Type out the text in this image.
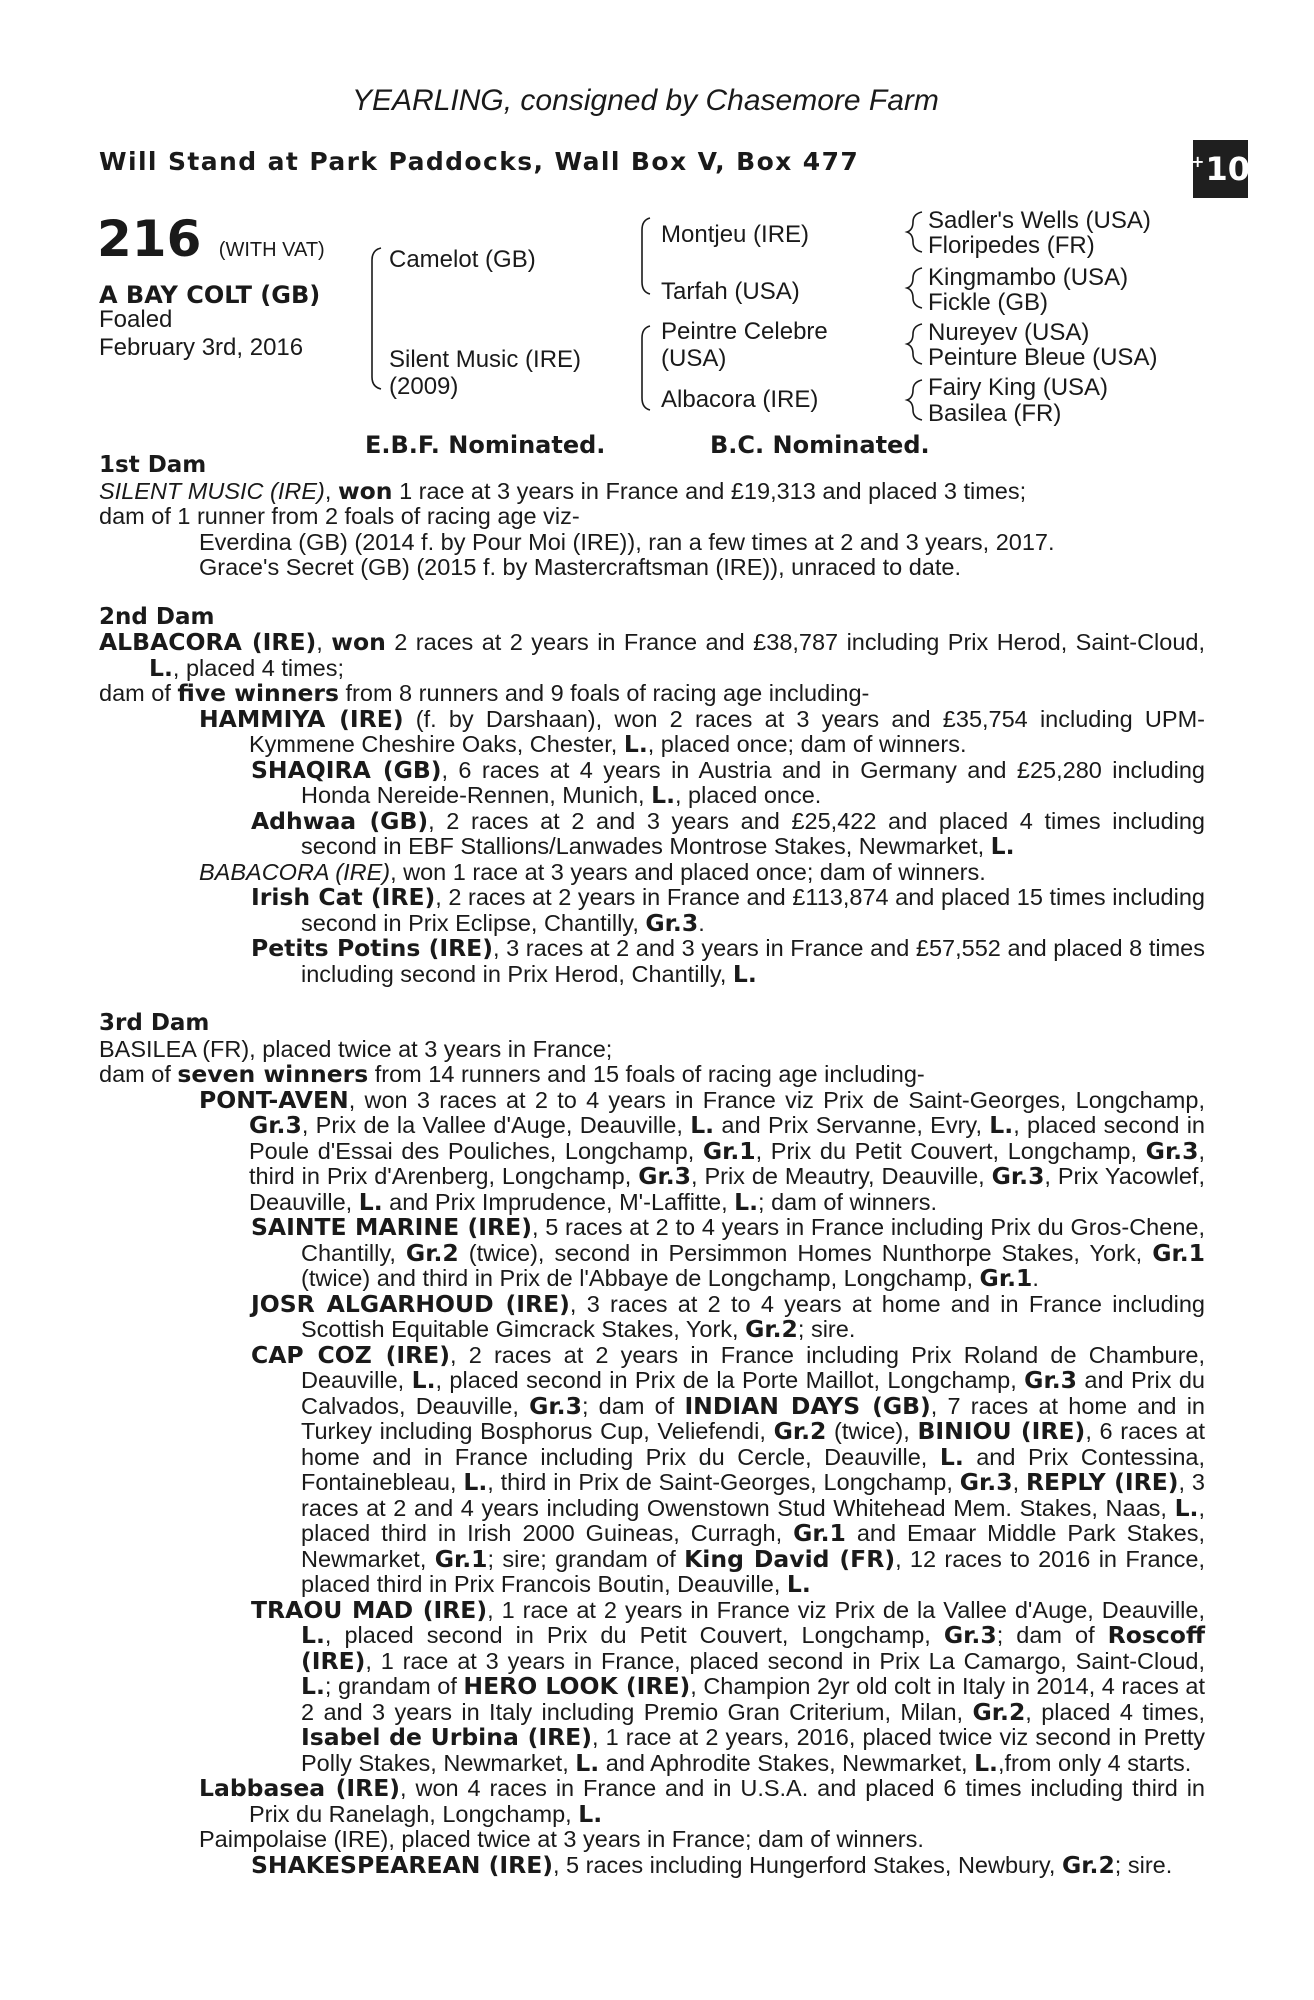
YEARLING, consigned by Chasemore Farm
Will Stand at Park Paddocks, Wall Box V, Box 477	+ 10
216 (WITH VAT)
A BAY COLT (GB)
Foaled
February 3rd, 2016
Camelot (GB)
Silent Music (IRE)
(2009)
Montjeu (IRE)
Tarfah (USA)
Peintre Celebre
(USA)
Albacora (IRE)
Sadler's Wells (USA)
Floripedes (FR)
Kingmambo (USA)
Fickle (GB)
Nureyev (USA)
Peinture Bleue (USA)
Fairy King (USA)
Basilea (FR)
E.B.F. Nominated.	B.C. Nominated.

1st Dam

SILENT MUSIC (IRE), won 1 race at 3 years in France and £19,313 and placed 3 times;

dam of 1 runner from 2 foals of racing age viz-

Everdina (GB) (2014 f. by Pour Moi (IRE)), ran a few times at 2 and 3 years, 2017.

Grace's Secret (GB) (2015 f. by Mastercraftsman (IRE)), unraced to date.

2nd Dam

ALBACORA (IRE), won 2 races at 2 years in France and £38,787 including Prix Herod, Saint-Cloud, L., placed 4 times;

dam of five winners from 8 runners and 9 foals of racing age including-

HAMMIYA (IRE) (f. by Darshaan), won 2 races at 3 years and £35,754 including UPM-Kymmene Cheshire Oaks, Chester, L., placed once; dam of winners.

SHAQIRA (GB), 6 races at 4 years in Austria and in Germany and £25,280 including Honda Nereide-Rennen, Munich, L., placed once.

Adhwaa (GB), 2 races at 2 and 3 years and £25,422 and placed 4 times including second in EBF Stallions/Lanwades Montrose Stakes, Newmarket, L.

BABACORA (IRE), won 1 race at 3 years and placed once; dam of winners.

Irish Cat (IRE), 2 races at 2 years in France and £113,874 and placed 15 times including second in Prix Eclipse, Chantilly, Gr.3.

Petits Potins (IRE), 3 races at 2 and 3 years in France and £57,552 and placed 8 times including second in Prix Herod, Chantilly, L.

3rd Dam

BASILEA (FR), placed twice at 3 years in France;

dam of seven winners from 14 runners and 15 foals of racing age including-

PONT-AVEN, won 3 races at 2 to 4 years in France viz Prix de Saint-Georges, Longchamp, Gr.3, Prix de la Vallee d'Auge, Deauville, L. and Prix Servanne, Evry, L., placed second in Poule d'Essai des Pouliches, Longchamp, Gr.1, Prix du Petit Couvert, Longchamp, Gr.3, third in Prix d'Arenberg, Longchamp, Gr.3, Prix de Meautry, Deauville, Gr.3, Prix Yacowlef, Deauville, L. and Prix Imprudence, M'-Laffitte, L.; dam of winners.

SAINTE MARINE (IRE), 5 races at 2 to 4 years in France including Prix du Gros-Chene, Chantilly, Gr.2 (twice), second in Persimmon Homes Nunthorpe Stakes, York, Gr.1 (twice) and third in Prix de l'Abbaye de Longchamp, Longchamp, Gr.1.

JOSR ALGARHOUD (IRE), 3 races at 2 to 4 years at home and in France including Scottish Equitable Gimcrack Stakes, York, Gr.2; sire.

CAP COZ (IRE), 2 races at 2 years in France including Prix Roland de Chambure, Deauville, L., placed second in Prix de la Porte Maillot, Longchamp, Gr.3 and Prix du Calvados, Deauville, Gr.3; dam of INDIAN DAYS (GB), 7 races at home and in Turkey including Bosphorus Cup, Veliefendi, Gr.2 (twice), BINIOU (IRE), 6 races at home and in France including Prix du Cercle, Deauville, L. and Prix Contessina, Fontainebleau, L., third in Prix de Saint-Georges, Longchamp, Gr.3, REPLY (IRE), 3 races at 2 and 4 years including Owenstown Stud Whitehead Mem. Stakes, Naas, L., placed third in Irish 2000 Guineas, Curragh, Gr.1 and Emaar Middle Park Stakes, Newmarket, Gr.1; sire; grandam of King David (FR), 12 races to 2016 in France, placed third in Prix Francois Boutin, Deauville, L.

TRAOU MAD (IRE), 1 race at 2 years in France viz Prix de la Vallee d'Auge, Deauville, L., placed second in Prix du Petit Couvert, Longchamp, Gr.3; dam of Roscoff (IRE), 1 race at 3 years in France, placed second in Prix La Camargo, Saint-Cloud, L.; grandam of HERO LOOK (IRE), Champion 2yr old colt in Italy in 2014, 4 races at 2 and 3 years in Italy including Premio Gran Criterium, Milan, Gr.2, placed 4 times, Isabel de Urbina (IRE), 1 race at 2 years, 2016, placed twice viz second in Pretty Polly Stakes, Newmarket, L. and Aphrodite Stakes, Newmarket, L.,from only 4 starts.

Labbasea (IRE), won 4 races in France and in U.S.A. and placed 6 times including third in Prix du Ranelagh, Longchamp, L.

Paimpolaise (IRE), placed twice at 3 years in France; dam of winners.

SHAKESPEAREAN (IRE), 5 races including Hungerford Stakes, Newbury, Gr.2; sire.
